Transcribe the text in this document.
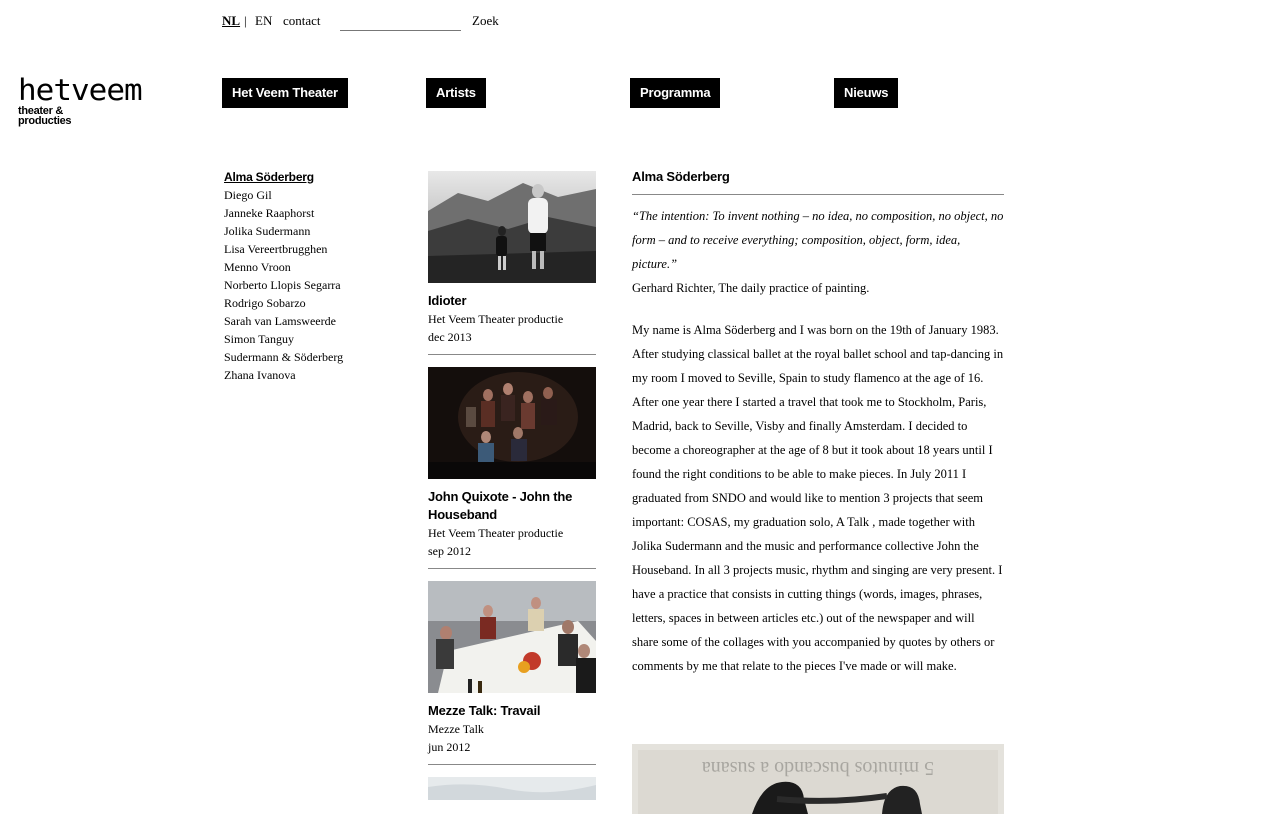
NL | EN contact	Zoek
hetveem
theater &
producties
Het Veem Theater	Artists	Programma	Nieuws
Alma Söderberg
Diego Gil
Janneke Raaphorst
Jolika Sudermann
Lisa Vereertbrugghen
Menno Vroon
Norberto Llopis Segarra
Rodrigo Sobarzo
Sarah van Lamsweerde
Simon Tanguy
Sudermann & Söderberg
Zhana Ivanova
Idioter
Het Veem Theater productie
dec 2013
John Quixote - John the Houseband
Het Veem Theater productie
sep 2012
Mezze Talk: Travail
Mezze Talk
jun 2012
Alma Söderberg
“The intention: To invent nothing – no idea, no composition, no object, no form – and to receive everything; composition, object, form, idea, picture.”
Gerhard Richter, The daily practice of painting.
My name is Alma Söderberg and I was born on the 19th of January 1983. After studying classical ballet at the royal ballet school and tap-dancing in my room I moved to Seville, Spain to study flamenco at the age of 16. After one year there I started a travel that took me to Stockholm, Paris, Madrid, back to Seville, Visby and finally Amsterdam. I decided to become a choreographer at the age of 8 but it took about 18 years until I found the right conditions to be able to make pieces. In July 2011 I graduated from SNDO and would like to mention 3 projects that seem important: COSAS, my graduation solo, A Talk , made together with Jolika Sudermann and the music and performance collective John the Houseband. In all 3 projects music, rhythm and singing are very present. I have a practice that consists in cutting things (words, images, phrases, letters, spaces in between articles etc.) out of the newspaper and will share some of the collages with you accompanied by quotes by others or comments by me that relate to the pieces I've made or will make.
5 minutos buscando a susana
